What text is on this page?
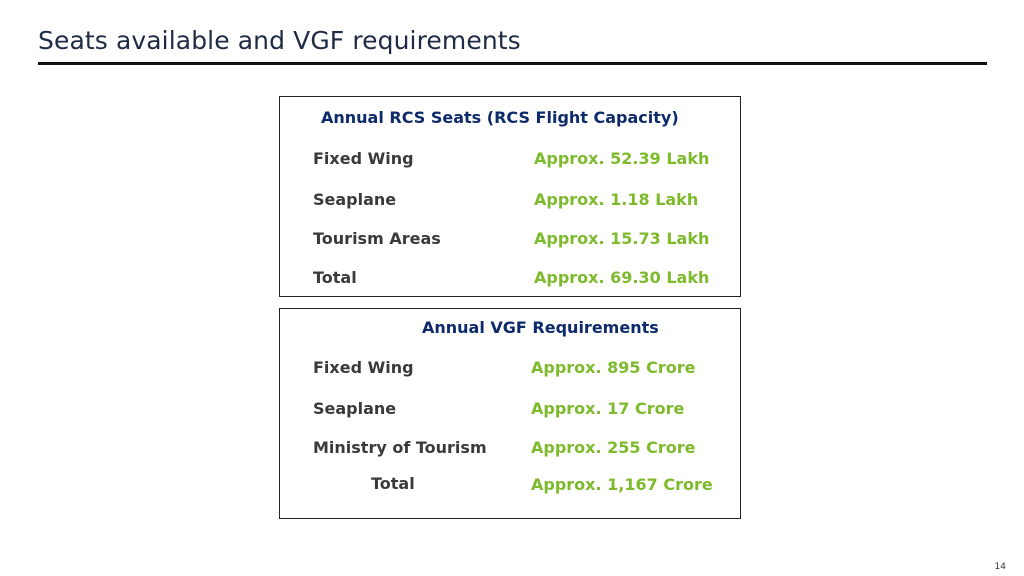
Seats available and VGF requirements
Annual RCS Seats (RCS Flight Capacity)
Fixed Wing	Approx. 52.39 Lakh
Seaplane	Approx. 1.18 Lakh
Tourism Areas	Approx. 15.73 Lakh
Total	Approx. 69.30 Lakh
Annual VGF Requirements
Fixed Wing	Approx. 895 Crore
Seaplane	Approx. 17 Crore
Ministry of Tourism	Approx. 255 Crore
Total	Approx. 1,167 Crore
14
